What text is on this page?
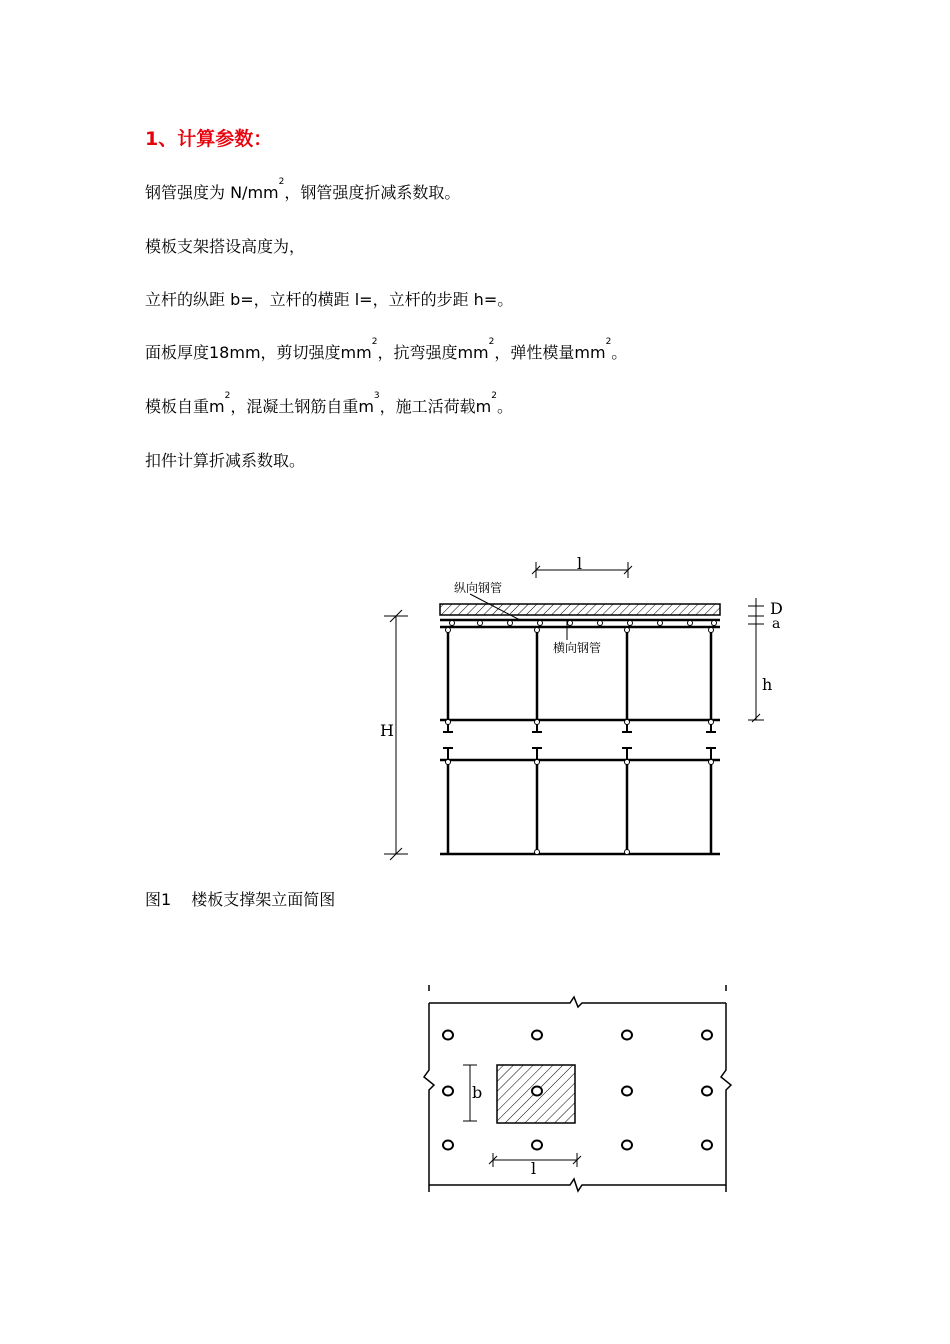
1、计算参数：
钢管强度为 $N/mm^2$，钢管强度折减系数取。
模板支架搭设高度为，
立杆的纵距 b=，立杆的横距 l=，立杆的步距 h=。
面板厚度18mm，剪切强度$mm^2$，抗弯强度$mm^2$，弹性模量$mm^2$。
模板自重$m^2$，混凝土钢筋自重$m^3$，施工活荷载$m^2$。
扣件计算折减系数取。
l
纵向钢管
横向钢管
D
a
h
H
图1 楼板支撑架立面简图
b
l
